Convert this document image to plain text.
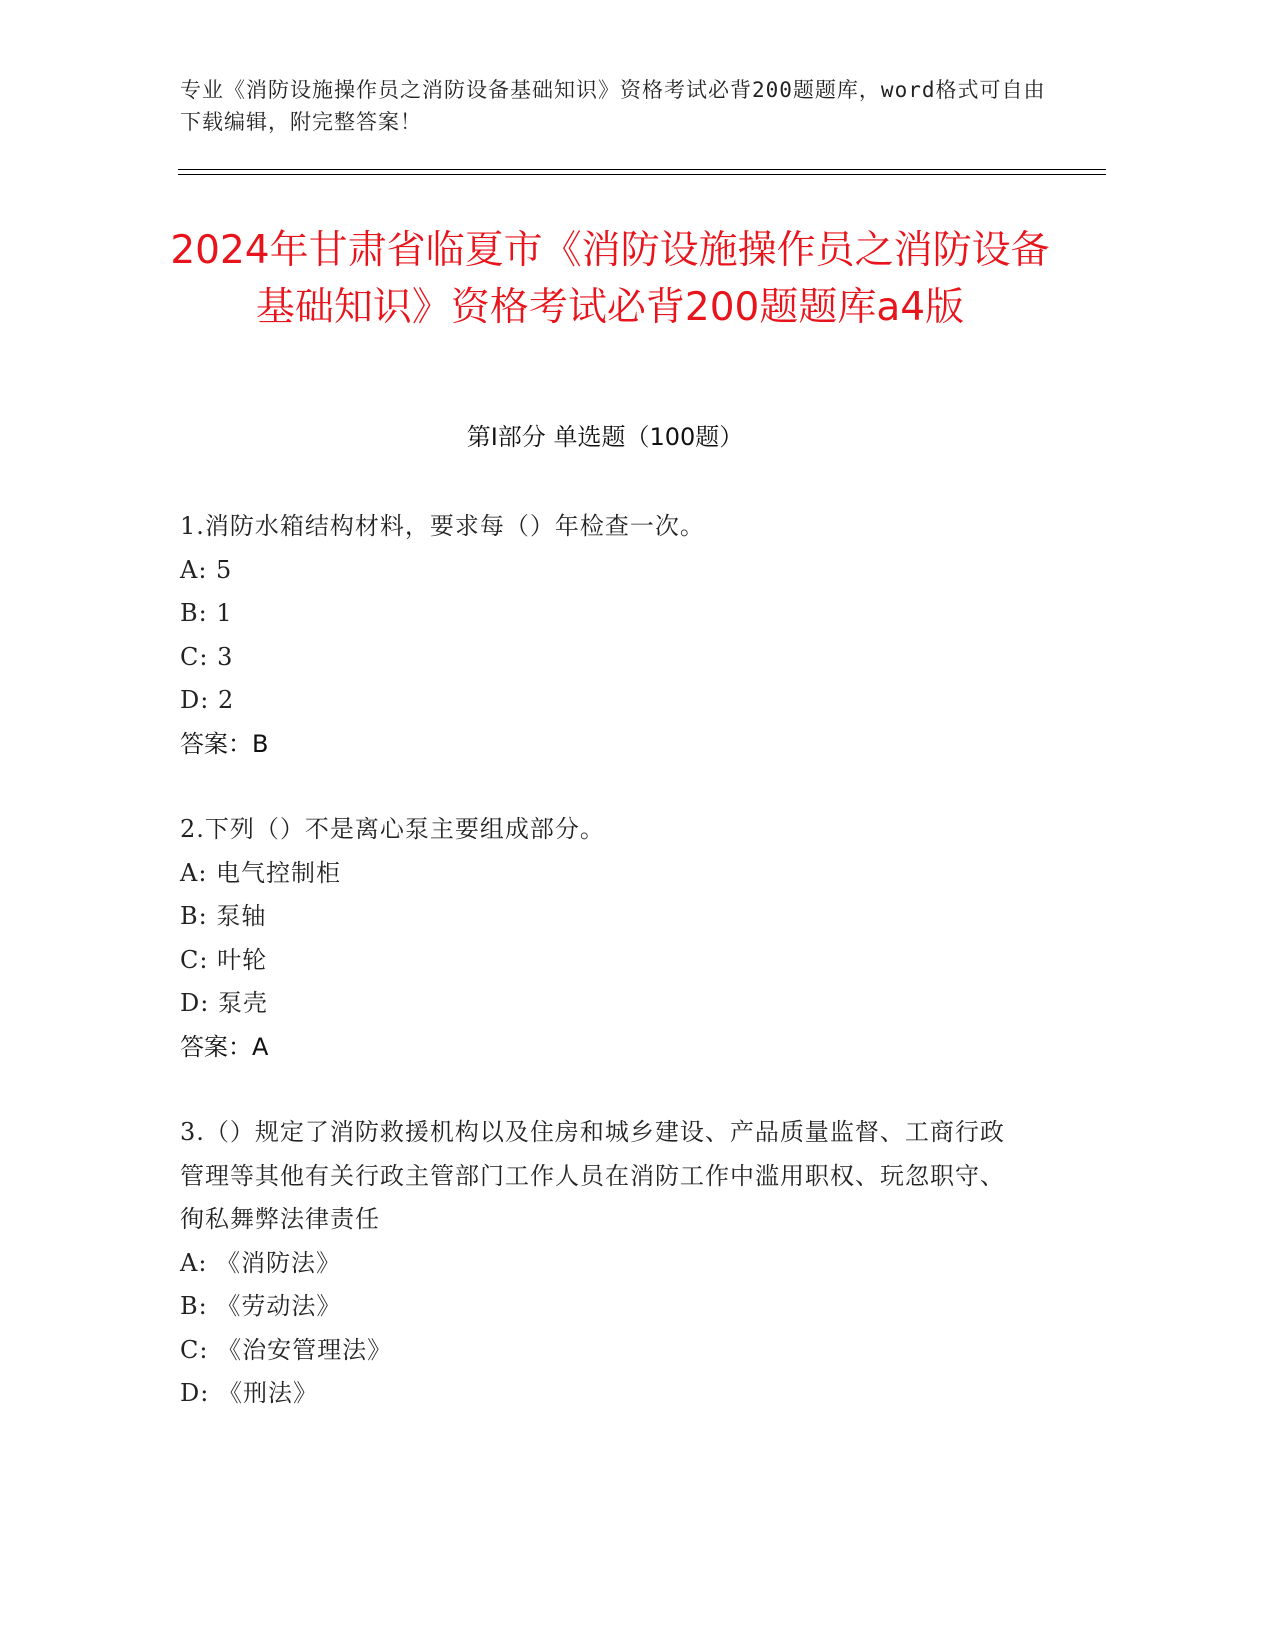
专业《消防设施操作员之消防设备基础知识》资格考试必背200题题库，word格式可自由下载编辑，附完整答案！
2024年甘肃省临夏市《消防设施操作员之消防设备基础知识》资格考试必背200题题库a4版
第I部分 单选题（100题）
1.消防水箱结构材料，要求每（）年检查一次。
A: 5
B: 1
C: 3
D: 2
答案：B
2.下列（）不是离心泵主要组成部分。
A: 电气控制柜
B: 泵轴
C: 叶轮
D: 泵壳
答案：A
3.（）规定了消防救援机构以及住房和城乡建设、产品质量监督、工商行政管理等其他有关行政主管部门工作人员在消防工作中滥用职权、玩忽职守、徇私舞弊法律责任
A: 《消防法》
B: 《劳动法》
C: 《治安管理法》
D: 《刑法》
